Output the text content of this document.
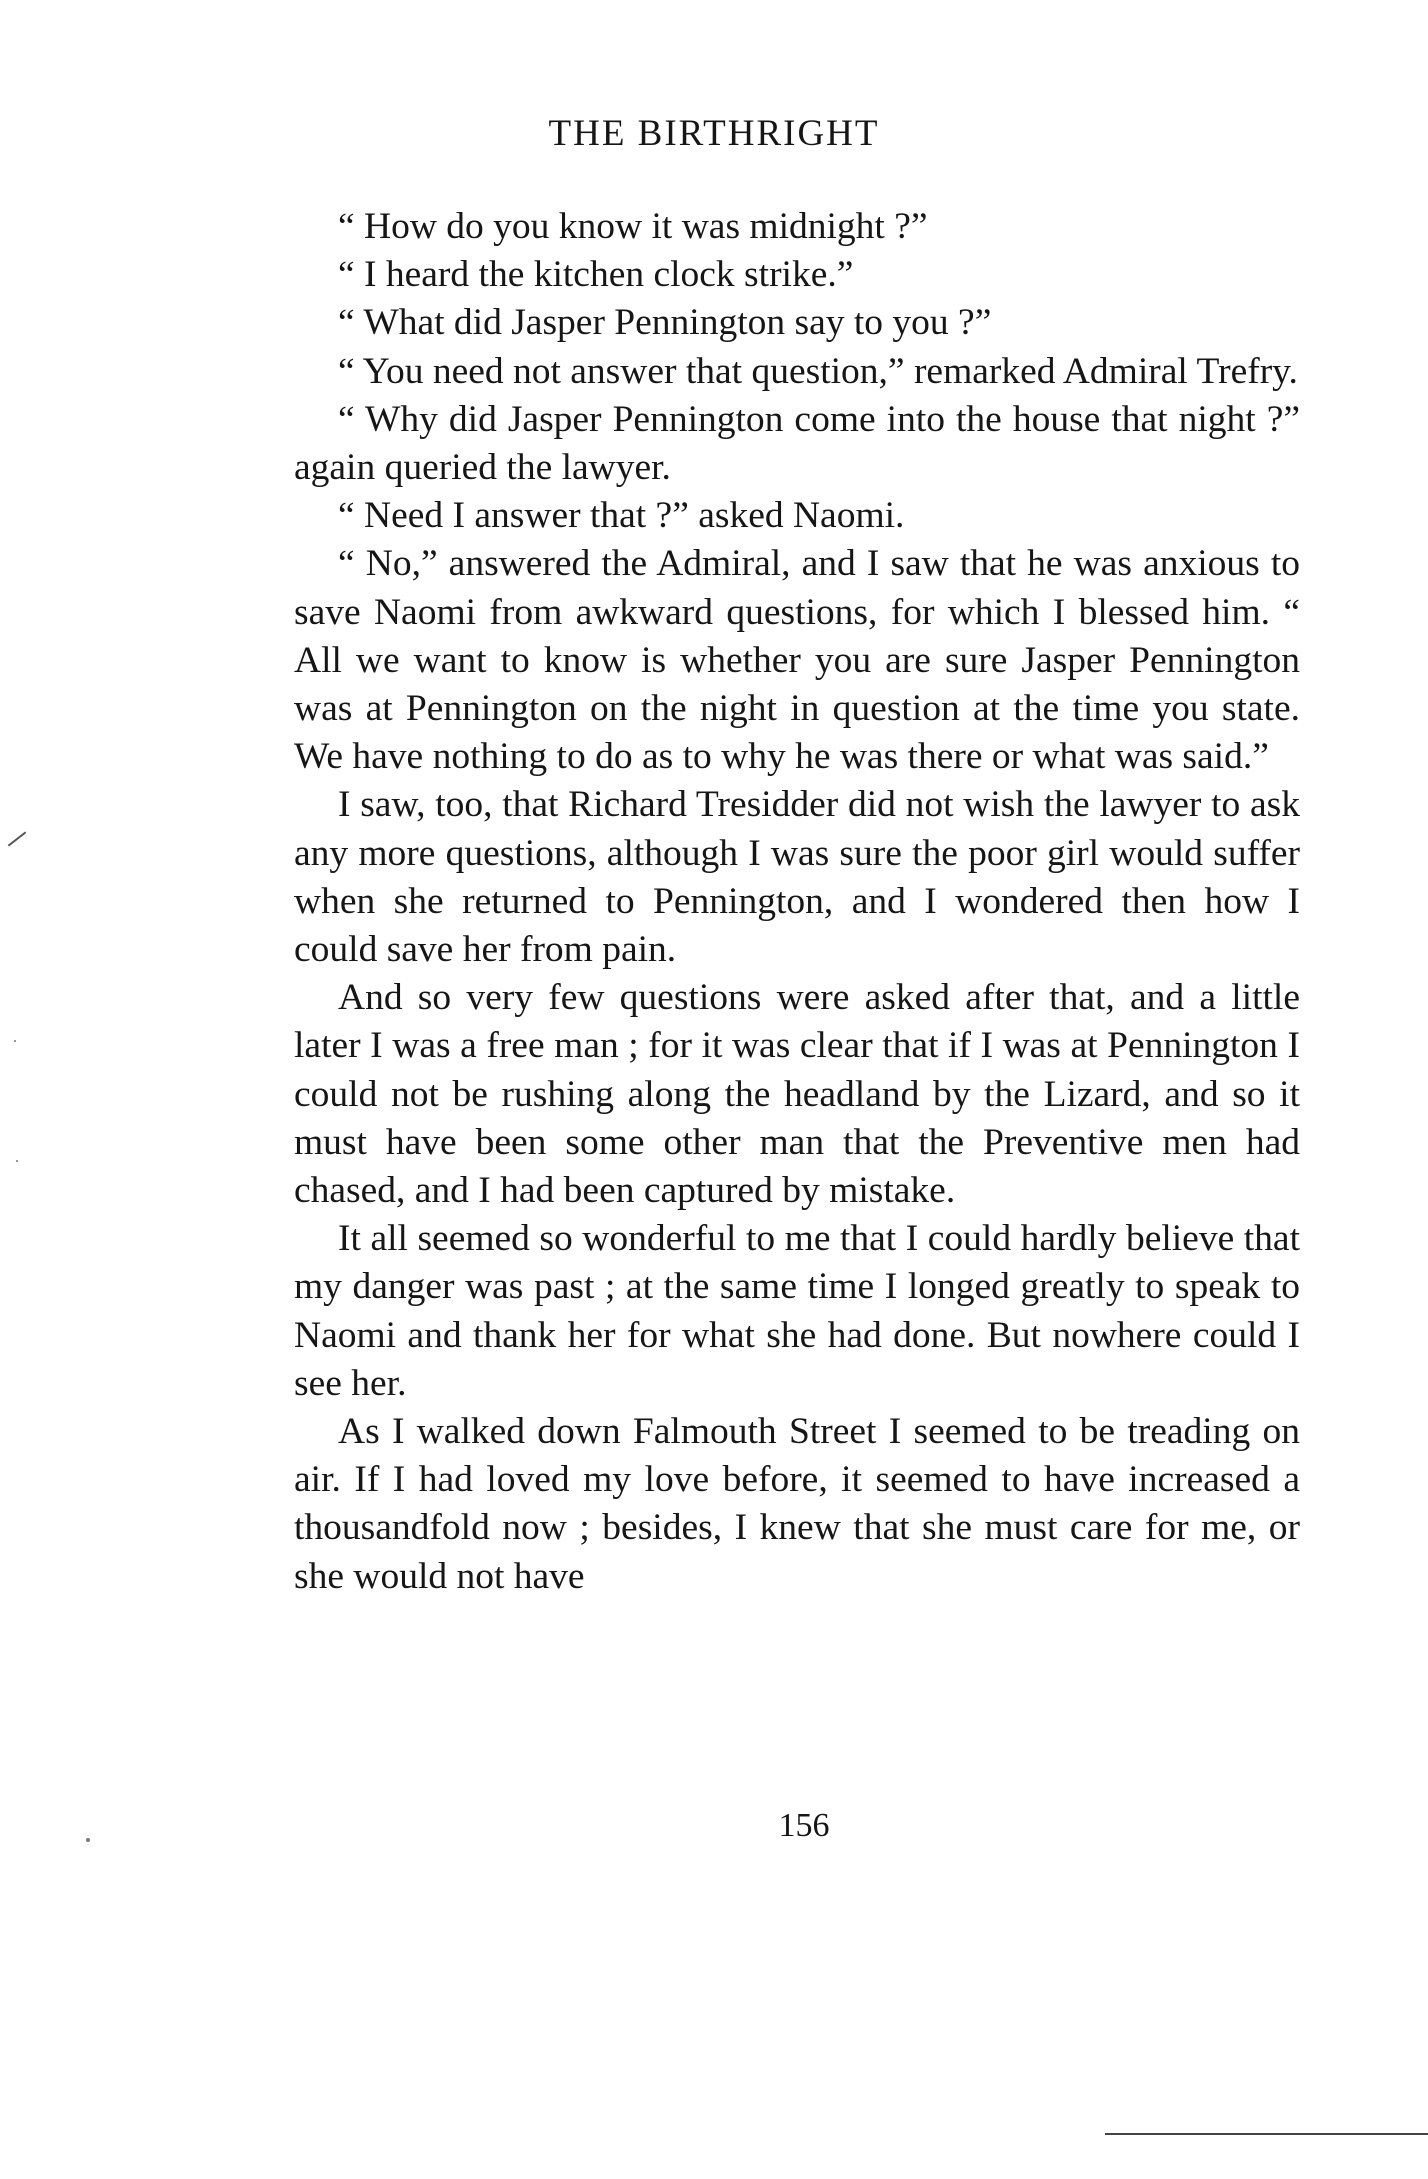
THE BIRTHRIGHT

“ How do you know it was midnight ?”

“ I heard the kitchen clock strike.”

“ What did Jasper Pennington say to you ?”

“ You need not answer that question,” remarked Admiral Trefry.

“ Why did Jasper Pennington come into the house that night ?” again queried the lawyer.

“ Need I answer that ?” asked Naomi.

“ No,” answered the Admiral, and I saw that he was anxious to save Naomi from awkward questions, for which I blessed him. “ All we want to know is whether you are sure Jasper Pennington was at Pennington on the night in question at the time you state. We have nothing to do as to why he was there or what was said.”

I saw, too, that Richard Tresidder did not wish the lawyer to ask any more questions, although I was sure the poor girl would suffer when she returned to Pennington, and I wondered then how I could save her from pain.

And so very few questions were asked after that, and a little later I was a free man ; for it was clear that if I was at Pennington I could not be rushing along the headland by the Lizard, and so it must have been some other man that the Preventive men had chased, and I had been captured by mistake.

It all seemed so wonderful to me that I could hardly believe that my danger was past ; at the same time I longed greatly to speak to Naomi and thank her for what she had done. But nowhere could I see her.

As I walked down Falmouth Street I seemed to be treading on air. If I had loved my love before, it seemed to have increased a thousandfold now ; besides, I knew that she must care for me, or she would not have

156
